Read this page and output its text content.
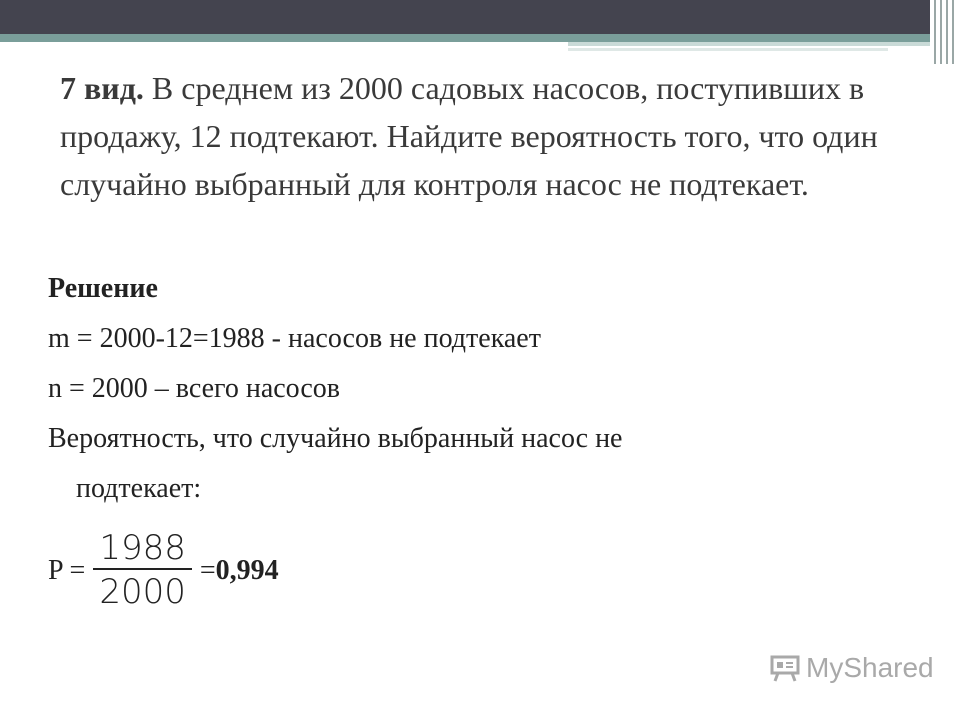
7 вид. В среднем из 2000 садовых насосов, поступивших в продажу, 12 подтекают. Найдите вероятность того, что один случайно выбранный для контроля насос не подтекает.
Решение
m = 2000-12=1988 - насосов не подтекает
n = 2000 – всего насосов
Вероятность, что случайно выбранный насос не
подтекает:
$P = \frac{1988}{2000} = 0,994$
MyShared
